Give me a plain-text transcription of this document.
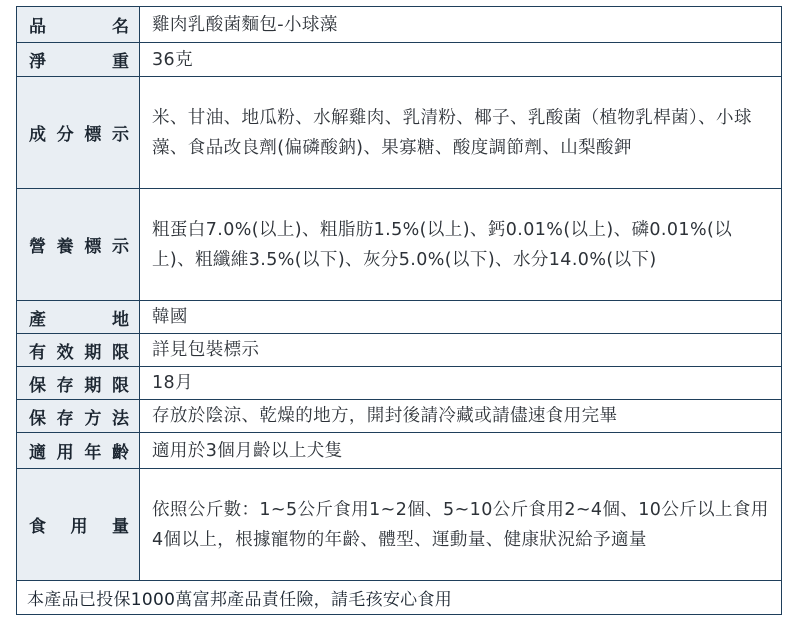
品 名	雞肉乳酸菌麵包-小球藻

淨 重	36克

成 分 標 示	米、甘油、地瓜粉、水解雞肉、乳清粉、椰子、乳酸菌（植物乳桿菌）、小球藻、食品改良劑(偏磷酸鈉)、果寡糖、酸度調節劑、山梨酸鉀

營 養 標 示	粗蛋白7.0%(以上)、粗脂肪1.5%(以上)、鈣0.01%(以上)、磷0.01%(以上)、粗纖維3.5%(以下)、灰分5.0%(以下)、水分14.0%(以下)

產 地	韓國

有 效 期 限	詳見包裝標示

保 存 期 限	18月

保 存 方 法	存放於陰涼、乾燥的地方，開封後請冷藏或請儘速食用完畢

適 用 年 齡	適用於3個月齡以上犬隻

食 用 量	依照公斤數：1~5公斤食用1~2個、5~10公斤食用2~4個、10公斤以上食用4個以上，根據寵物的年齡、體型、運動量、健康狀況給予適量
本產品已投保1000萬富邦產品責任險，請毛孩安心食用	
